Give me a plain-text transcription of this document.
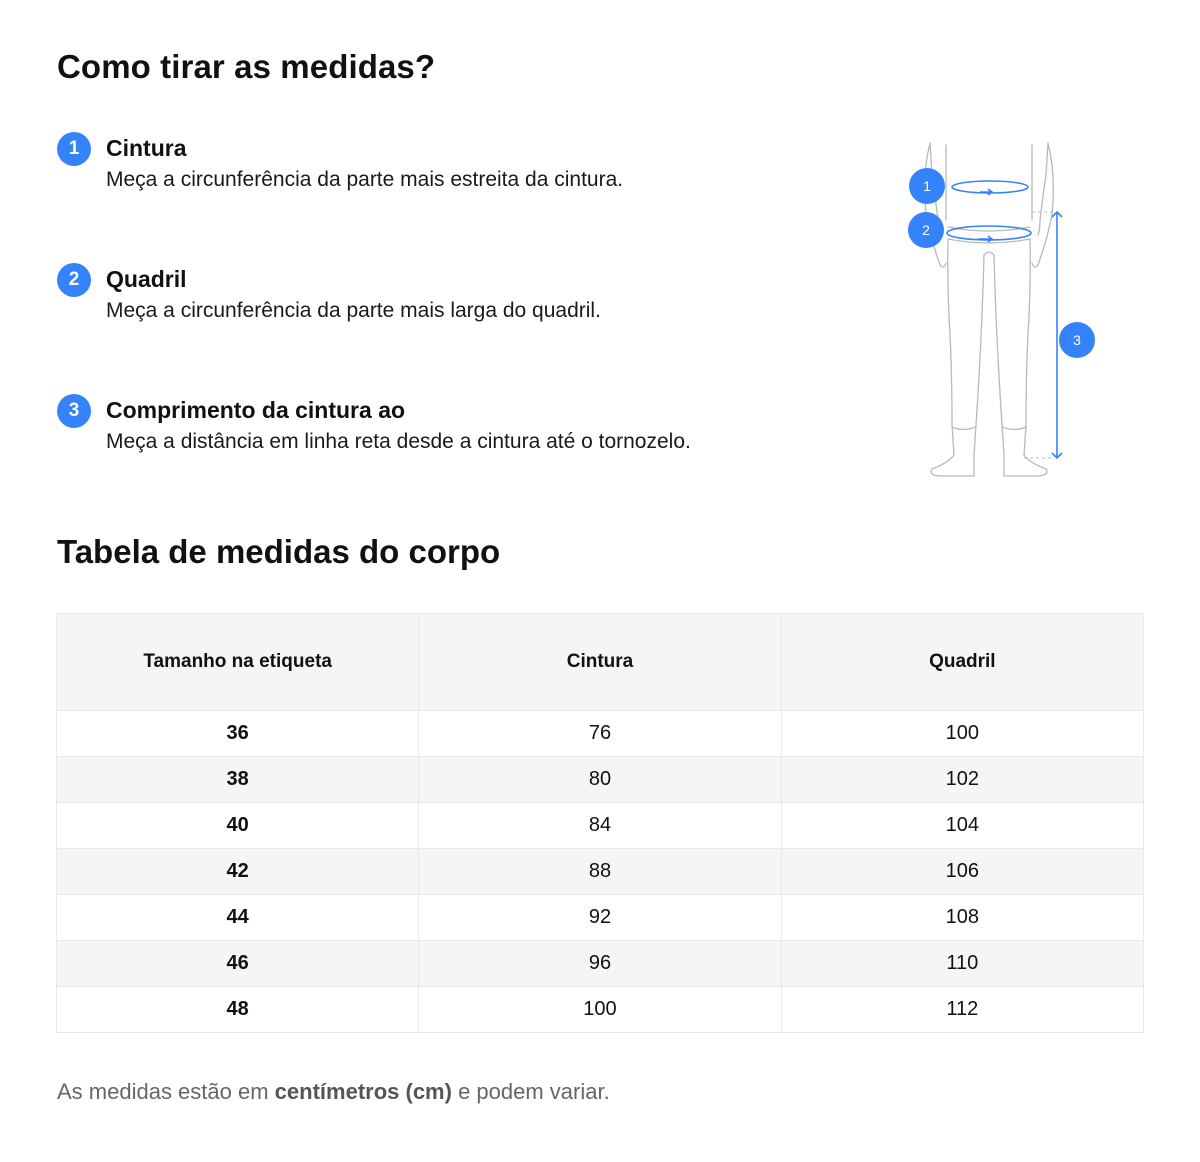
Como tirar as medidas?
1	Cintura
Meça a circunferência da parte mais estreita da cintura.
2	Quadril
Meça a circunferência da parte mais larga do quadril.
3	Comprimento da cintura ao
Meça a distância em linha reta desde a cintura até o tornozelo.
1
2
3
Tabela de medidas do corpo
Tamanho na etiqueta	Cintura	Quadril
36	76	100
38	80	102
40	84	104
42	88	106
44	92	108
46	96	110
48	100	112
As medidas estão em centímetros (cm) e podem variar.
